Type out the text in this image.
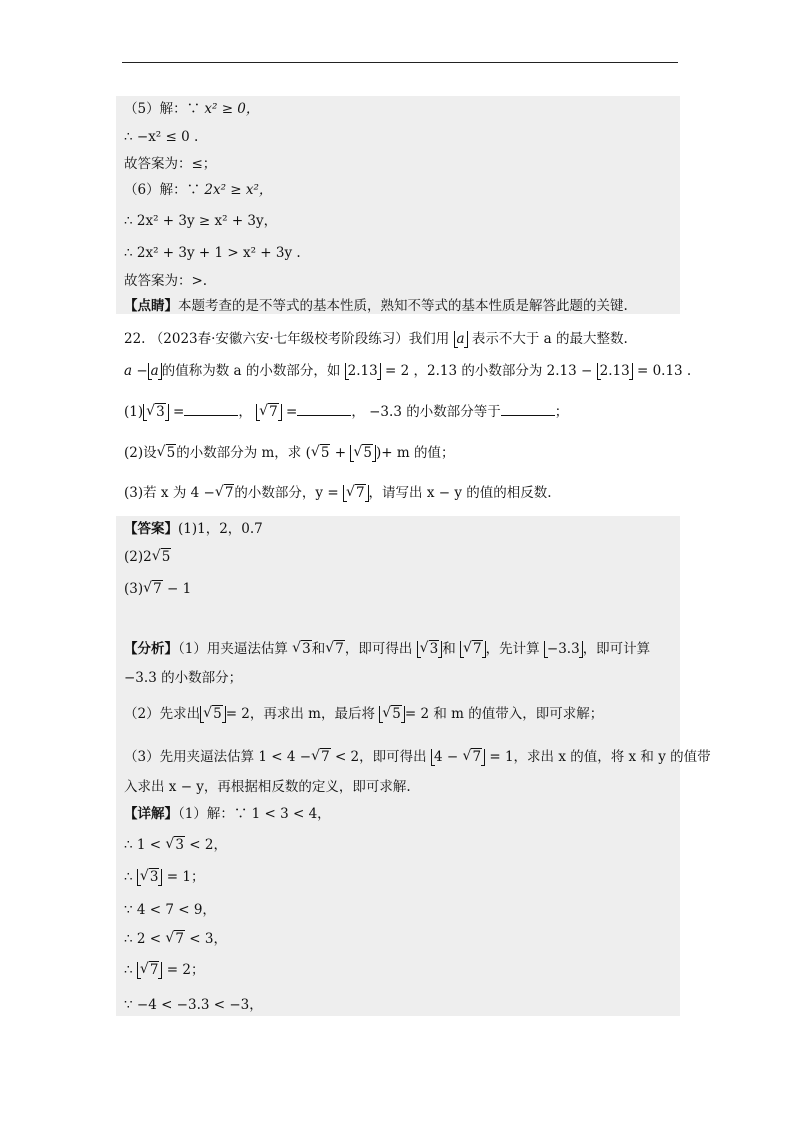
（5）解：∵ x² ≥ 0，
∴ −x² ≤ 0 .
故答案为：≤；
（6）解：∵ 2x² ≥ x²，
∴ 2x² + 3y ≥ x² + 3y，
∴ 2x² + 3y + 1 > x² + 3y .
故答案为：>.
【点睛】本题考查的是不等式的基本性质，熟知不等式的基本性质是解答此题的关键.
22. （2023春·安徽六安·七年级校考阶段练习）我们用 a 表示不大于 a 的最大整数.
a − a 的值称为数 a 的小数部分，如 2.13 = 2 ，2.13 的小数部分为 2.13 − 2.13 = 0.13 .
(1) √ 3 =	， √ 7 =	， −3.3 的小数部分等于	；
(2)设 √ 5的小数部分为 m，求 ( √ 5 + √ 5 )+ m 的值；
(3)若 x 为 4 − √ 7的小数部分，y = √ 7 ，请写出 x − y 的值的相反数.
【答案】(1)1，2，0.7
(2)2 √ 5
(3) √ 7 − 1
【分析】（1）用夹逼法估算 √ 3和 √ 7，即可得出 √ 3 和 √ 7 ，先计算 −3.3 ，即可计算
−3.3 的小数部分；
（2）先求出 √ 5 = 2，再求出 m，最后将 √ 5 = 2 和 m 的值带入，即可求解；
（3）先用夹逼法估算 1 < 4 − √ 7 < 2，即可得出 4 − √ 7 = 1，求出 x 的值，将 x 和 y 的值带
入求出 x − y，再根据相反数的定义，即可求解.
【详解】（1）解：∵ 1 < 3 < 4，
∴ 1 < √ 3 < 2，
∴ √ 3 = 1；
∵ 4 < 7 < 9，
∴ 2 < √ 7 < 3，
∴ √ 7 = 2；
∵ −4 < −3.3 < −3，
